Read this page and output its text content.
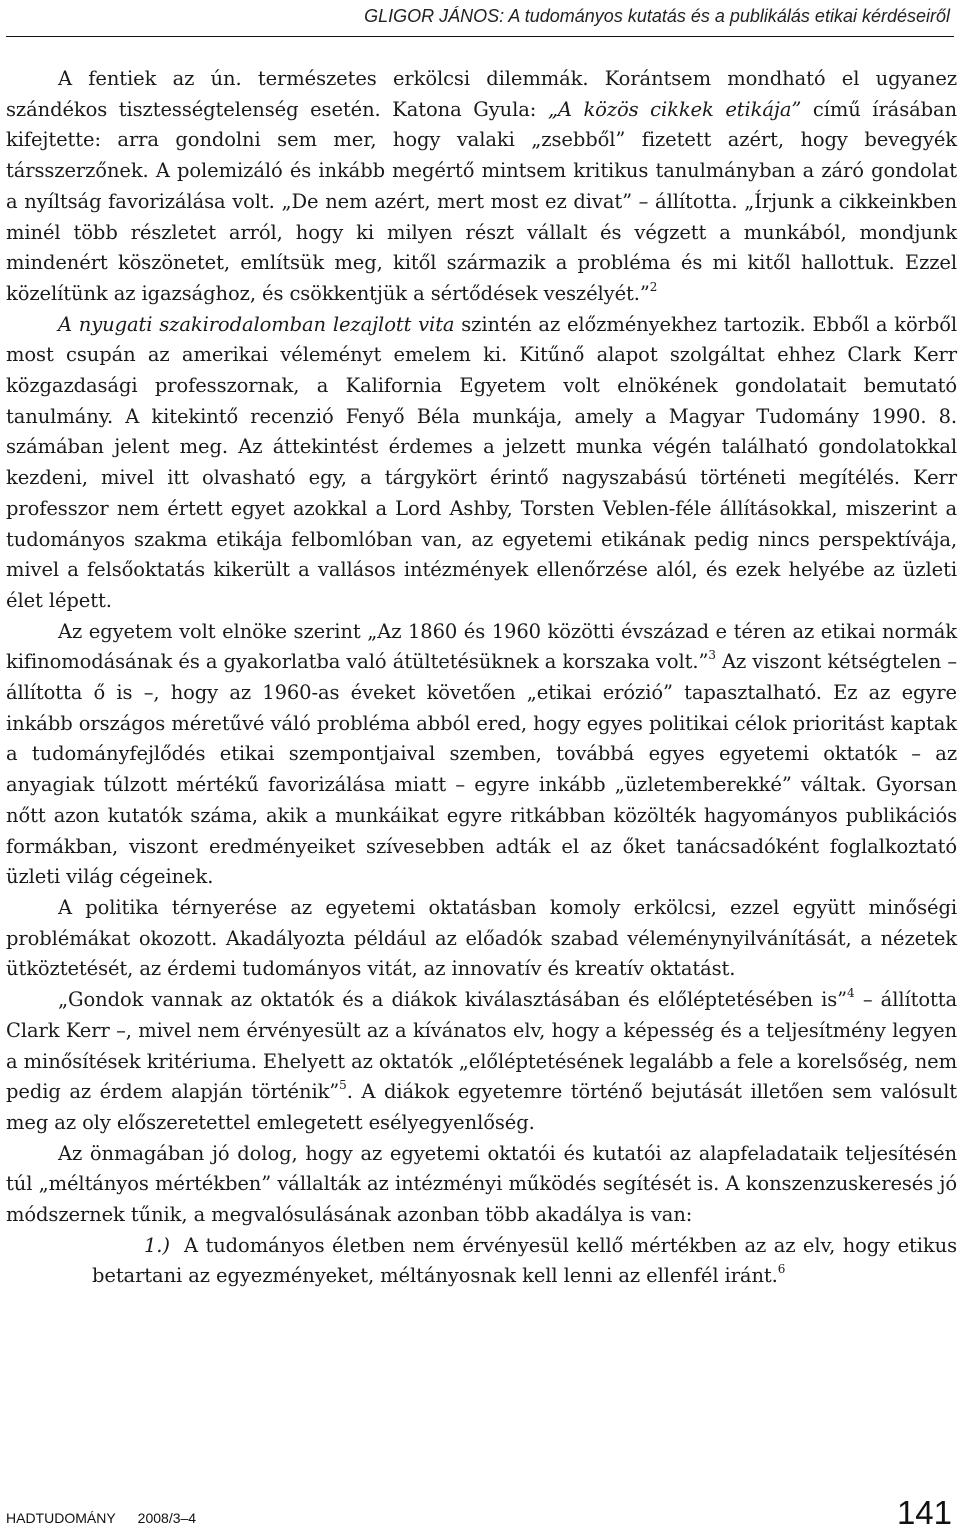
GLIGOR JÁNOS: A tudományos kutatás és a publikálás etikai kérdéseiről

A fentiek az ún. természetes erkölcsi dilemmák. Korántsem mondható el ugyanez szándékos tisztességtelenség esetén. Katona Gyula: „A közös cikkek etikája” című írásában kifejtette: arra gondolni sem mer, hogy valaki „zsebből” fizetett azért, hogy bevegyék társszerzőnek. A polemizáló és inkább megértő mintsem kritikus tanulmányban a záró gondolat a nyíltság favorizálása volt. „De nem azért, mert most ez divat” – állította. „Írjunk a cikkeinkben minél több részletet arról, hogy ki milyen részt vállalt és végzett a munkából, mondjunk mindenért köszönetet, említsük meg, kitől származik a probléma és mi kitől hallottuk. Ezzel közelítünk az igazsághoz, és csökkentjük a sértődések veszélyét.”$^2$

A nyugati szakirodalomban lezajlott vita szintén az előzményekhez tartozik. Ebből a körből most csupán az amerikai véleményt emelem ki. Kitűnő alapot szolgáltat ehhez Clark Kerr közgazdasági professzornak, a Kalifornia Egyetem volt elnökének gondolatait bemutató tanulmány. A kitekintő recenzió Fenyő Béla munkája, amely a Magyar Tudomány 1990. 8. számában jelent meg. Az áttekintést érdemes a jelzett munka végén található gondolatokkal kezdeni, mivel itt olvasható egy, a tárgykört érintő nagyszabású történeti megítélés. Kerr professzor nem értett egyet azokkal a Lord Ashby, Torsten Veblen-féle állításokkal, miszerint a tudományos szakma etikája felbomlóban van, az egyetemi etikának pedig nincs perspektívája, mivel a felsőoktatás kikerült a vallásos intézmények ellenőrzése alól, és ezek helyébe az üzleti élet lépett.

Az egyetem volt elnöke szerint „Az 1860 és 1960 közötti évszázad e téren az etikai normák kifinomodásának és a gyakorlatba való átültetésüknek a korszaka volt.”$^3$ Az viszont kétségtelen – állította ő is –, hogy az 1960-as éveket követően „etikai erózió” tapasztalható. Ez az egyre inkább országos méretűvé váló probléma abból ered, hogy egyes politikai célok prioritást kaptak a tudományfejlődés etikai szempontjaival szemben, továbbá egyes egyetemi oktatók – az anyagiak túlzott mértékű favorizálása miatt – egyre inkább „üzletemberekké” váltak. Gyorsan nőtt azon kutatók száma, akik a munkáikat egyre ritkábban közölték hagyományos publikációs formákban, viszont eredményeiket szívesebben adták el az őket tanácsadóként foglalkoztató üzleti világ cégeinek.

A politika térnyerése az egyetemi oktatásban komoly erkölcsi, ezzel együtt minőségi problémákat okozott. Akadályozta például az előadók szabad véleménynyilvánítását, a nézetek ütköztetését, az érdemi tudományos vitát, az innovatív és kreatív oktatást.

„Gondok vannak az oktatók és a diákok kiválasztásában és előléptetésében is”$^4$ – állította Clark Kerr –, mivel nem érvényesült az a kívánatos elv, hogy a képesség és a teljesítmény legyen a minősítések kritériuma. Ehelyett az oktatók „előléptetésének legalább a fele a korelsőség, nem pedig az érdem alapján történik”$^5$. A diákok egyetemre történő bejutását illetően sem valósult meg az oly előszeretettel emlegetett esélyegyenlőség.

Az önmagában jó dolog, hogy az egyetemi oktatói és kutatói az alapfeladataik teljesítésén túl „méltányos mértékben” vállalták az intézményi működés segítését is. A konszenzuskeresés jó módszernek tűnik, a megvalósulásának azonban több akadálya is van:

1.) A tudományos életben nem érvényesül kellő mértékben az az elv, hogy etikus betartani az egyezményeket, méltányosnak kell lenni az ellenfél iránt.$^6$

HADTUDOMÁNY 2008/3–4	141
